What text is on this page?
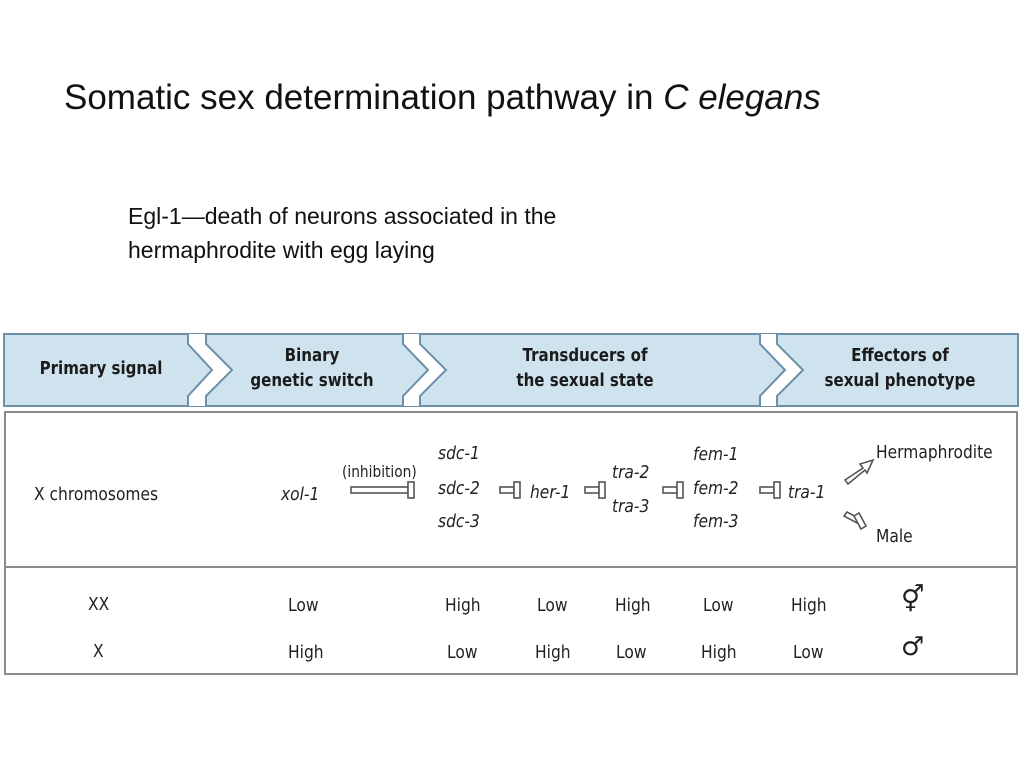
Somatic sex determination pathway in C elegans
Egl-1—death of neurons associated in the hermaphrodite with egg laying
Primary signal
Binary
genetic switch
Transducers of
the sexual state
Effectors of
sexual phenotype
X chromosomes	xol-1
(inhibition)
sdc-1
sdc-2
sdc-3
her-1
tra-2
tra-3
fem-1
fem-2
fem-3
tra-1
Hermaphrodite
Male
XX	Low	High	Low	High	Low	High	⚥
X	High	Low	High	Low	High	Low	♂
